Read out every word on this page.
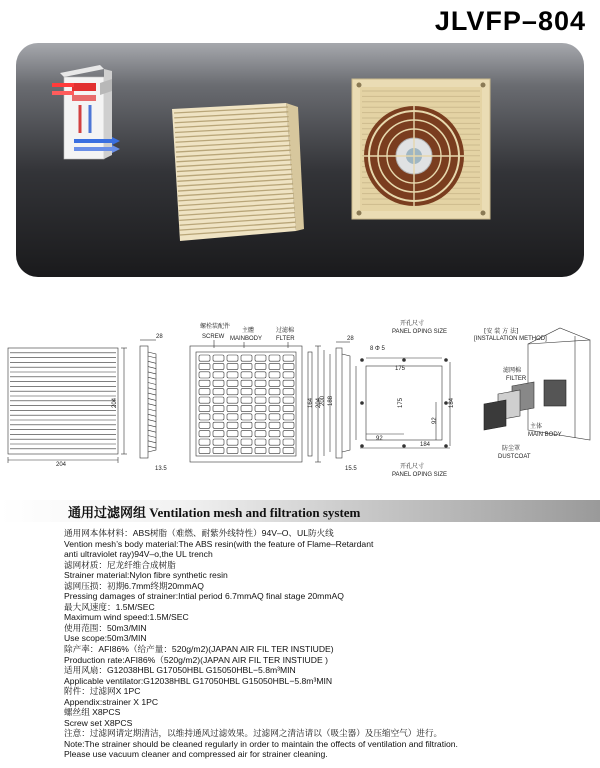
JLVFP–804
204
204
28
13.5
螺栓装配件
SCREW
主體
MAINBODY
过滤棉
FLTER
164 204
28
188
200
15.5
开孔尺寸
PANEL OPING SIZE
8 Φ 5
175
175	184
92
92
184
开孔尺寸
PANEL OPING SIZE
[安 装 方 法]
[INSTALLATION METHOD]
滤网棉
FILTER
主体
MAIN BODY
防尘罩
DUSTCOAT
通用过滤网组 Ventilation mesh and filtration system
通用网本体材料：ABS树脂（难燃、耐紫外线特性）94V–O、UL防火线
Vention mesh’s body material:The ABS resin(with the feature of Flame–Retardant
anti ultraviolet ray)94V–o,the UL trench
滤网材质：尼龙纤维合成树脂
Strainer material:Nylon fibre synthetic resin
滤网压损：初期6.7mm终期20mmAQ
Pressing damages of strainer:Intial period 6.7mmAQ final stage 20mmAQ
最大风速度：1.5M/SEC
Maximum wind speed:1.5M/SEC
使用范围：50m3/MIN
Use scope:50m3/MIN
除产率：AFI86%（给产量：520g/m2)(JAPAN AIR FIL TER INSTIUDE)
Production rate:AFI86%（520g/m2)(JAPAN AIR FIL TER INSTIUDE )
适用风扇：G12038HBL G17050HBL G15050HBL−5.8m³MIN
Applicable ventilator:G12038HBL G17050HBL G15050HBL−5.8m³MIN
附件：过滤网X 1PC
Appendix:strainer X 1PC
螺丝组 X8PCS
Screw set X8PCS
注意：过滤网请定期清洁，以维持通风过滤效果。过滤网之清洁请以（吸尘器）及压缩空气）进行。
Note:The strainer should be cleaned regularly in order to maintain the offects of ventilation and filtration.
Please use vacuum cleaner and compressed air for strainer cleaning.
